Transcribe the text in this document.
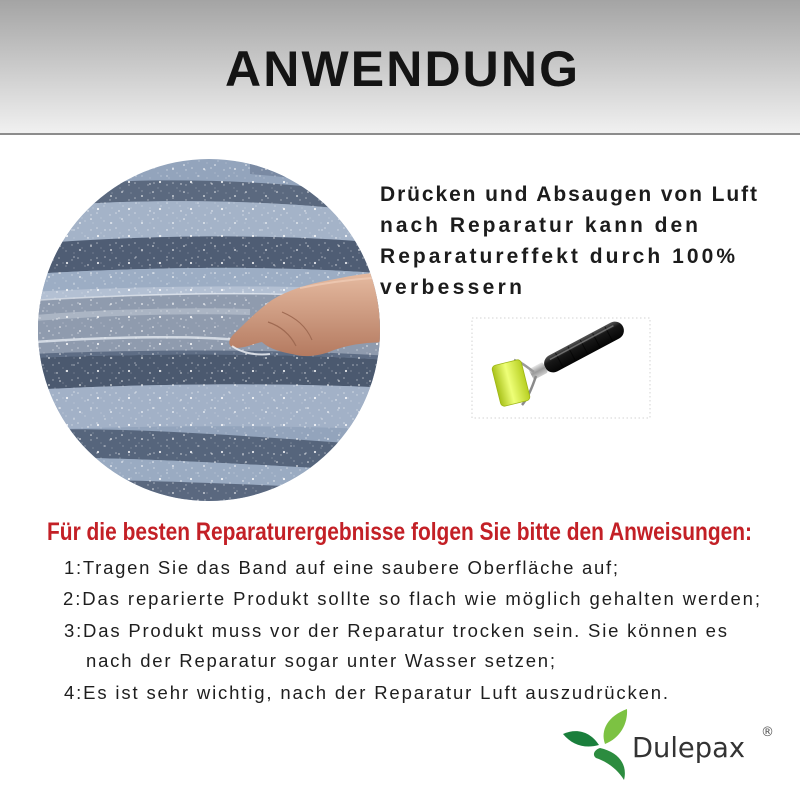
ANWENDUNG
Drücken und Absaugen von Luft
nach Reparatur kann den
Reparatureffekt durch 100%
verbessern
Für die besten Reparaturergebnisse folgen Sie bitte den Anweisungen:
1:Tragen Sie das Band auf eine saubere Oberfläche auf;
2:Das reparierte Produkt sollte so flach wie möglich gehalten werden;
3:Das Produkt muss vor der Reparatur trocken sein. Sie können es
nach der Reparatur sogar unter Wasser setzen;
4:Es ist sehr wichtig, nach der Reparatur Luft auszudrücken.
Dulepax ®
